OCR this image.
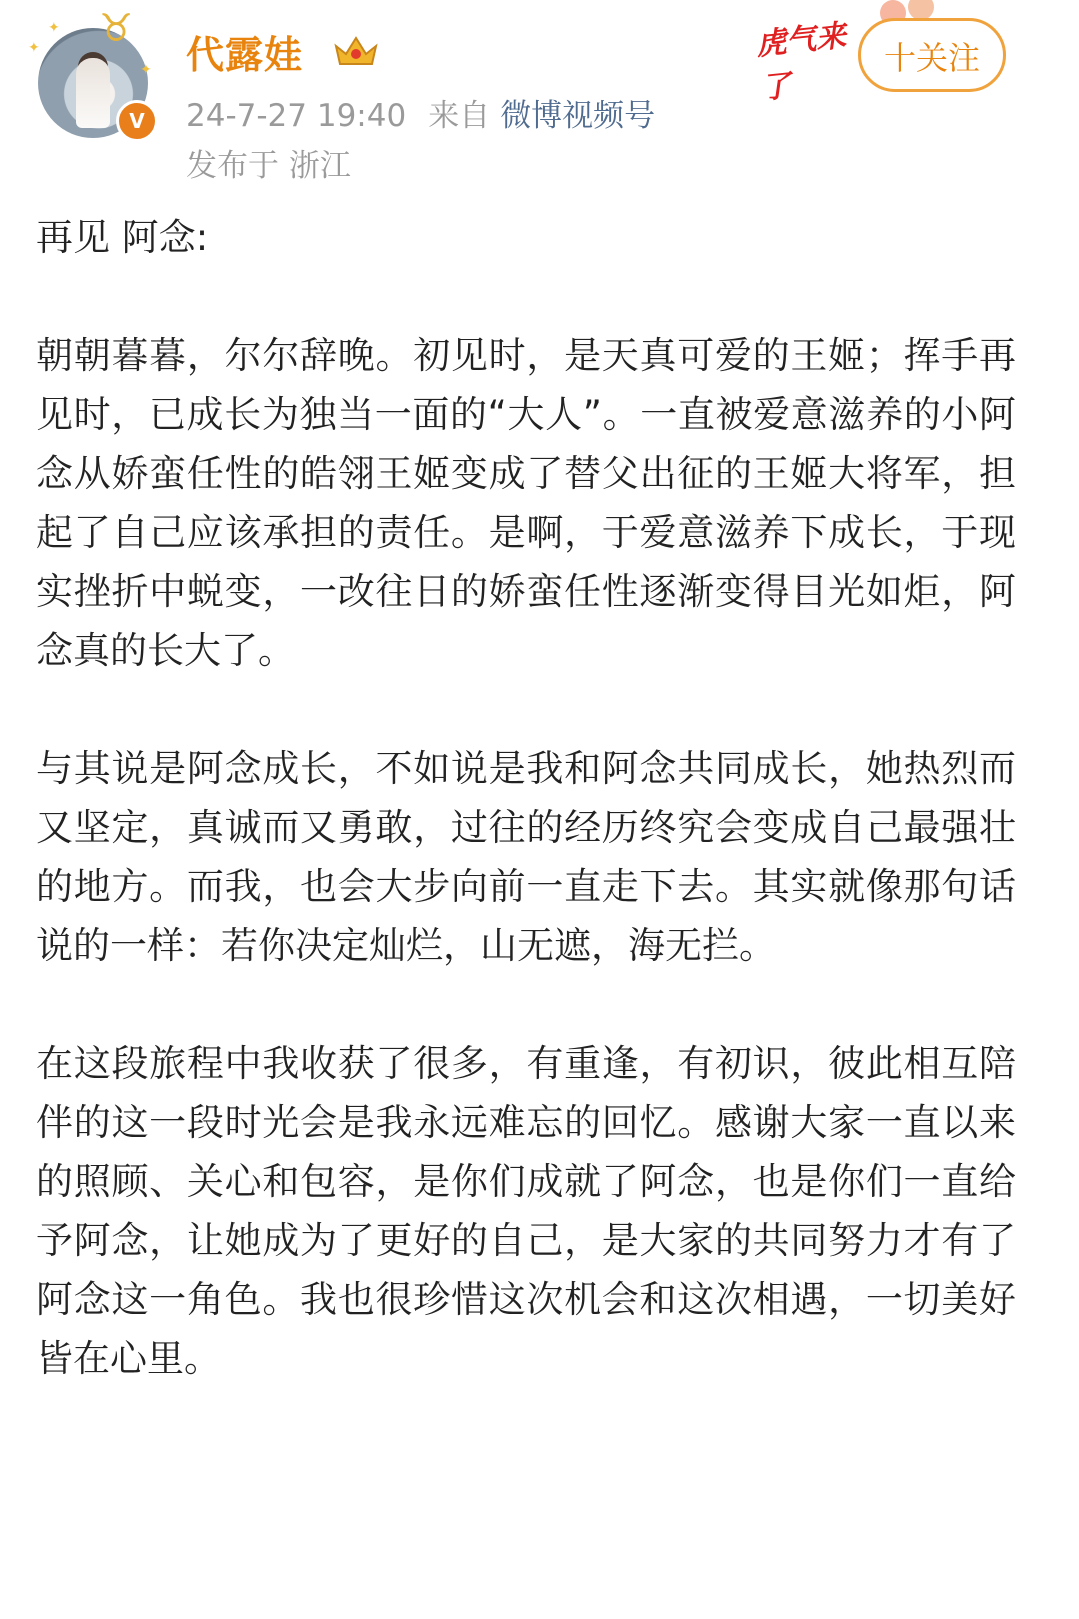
♉
✦
✦
✦
V
代露娃
24-7-27 19:40 来自 微博视频号
发布于 浙江
虎气来了
十关注

再见 阿念:

朝朝暮暮，尔尔辞晚。初见时，是天真可爱的王姬；挥手再见时，已成长为独当一面的“大人”。一直被爱意滋养的小阿念从娇蛮任性的皓翎王姬变成了替父出征的王姬大将军，担起了自己应该承担的责任。是啊，于爱意滋养下成长，于现实挫折中蜕变，一改往日的娇蛮任性逐渐变得目光如炬，阿念真的长大了。

与其说是阿念成长，不如说是我和阿念共同成长，她热烈而又坚定，真诚而又勇敢，过往的经历终究会变成自己最强壮的地方。而我，也会大步向前一直走下去。其实就像那句话说的一样：若你决定灿烂，山无遮，海无拦。

在这段旅程中我收获了很多，有重逢，有初识，彼此相互陪伴的这一段时光会是我永远难忘的回忆。感谢大家一直以来的照顾、关心和包容，是你们成就了阿念，也是你们一直给予阿念，让她成为了更好的自己，是大家的共同努力才有了阿念这一角色。我也很珍惜这次机会和这次相遇，一切美好皆在心里。
